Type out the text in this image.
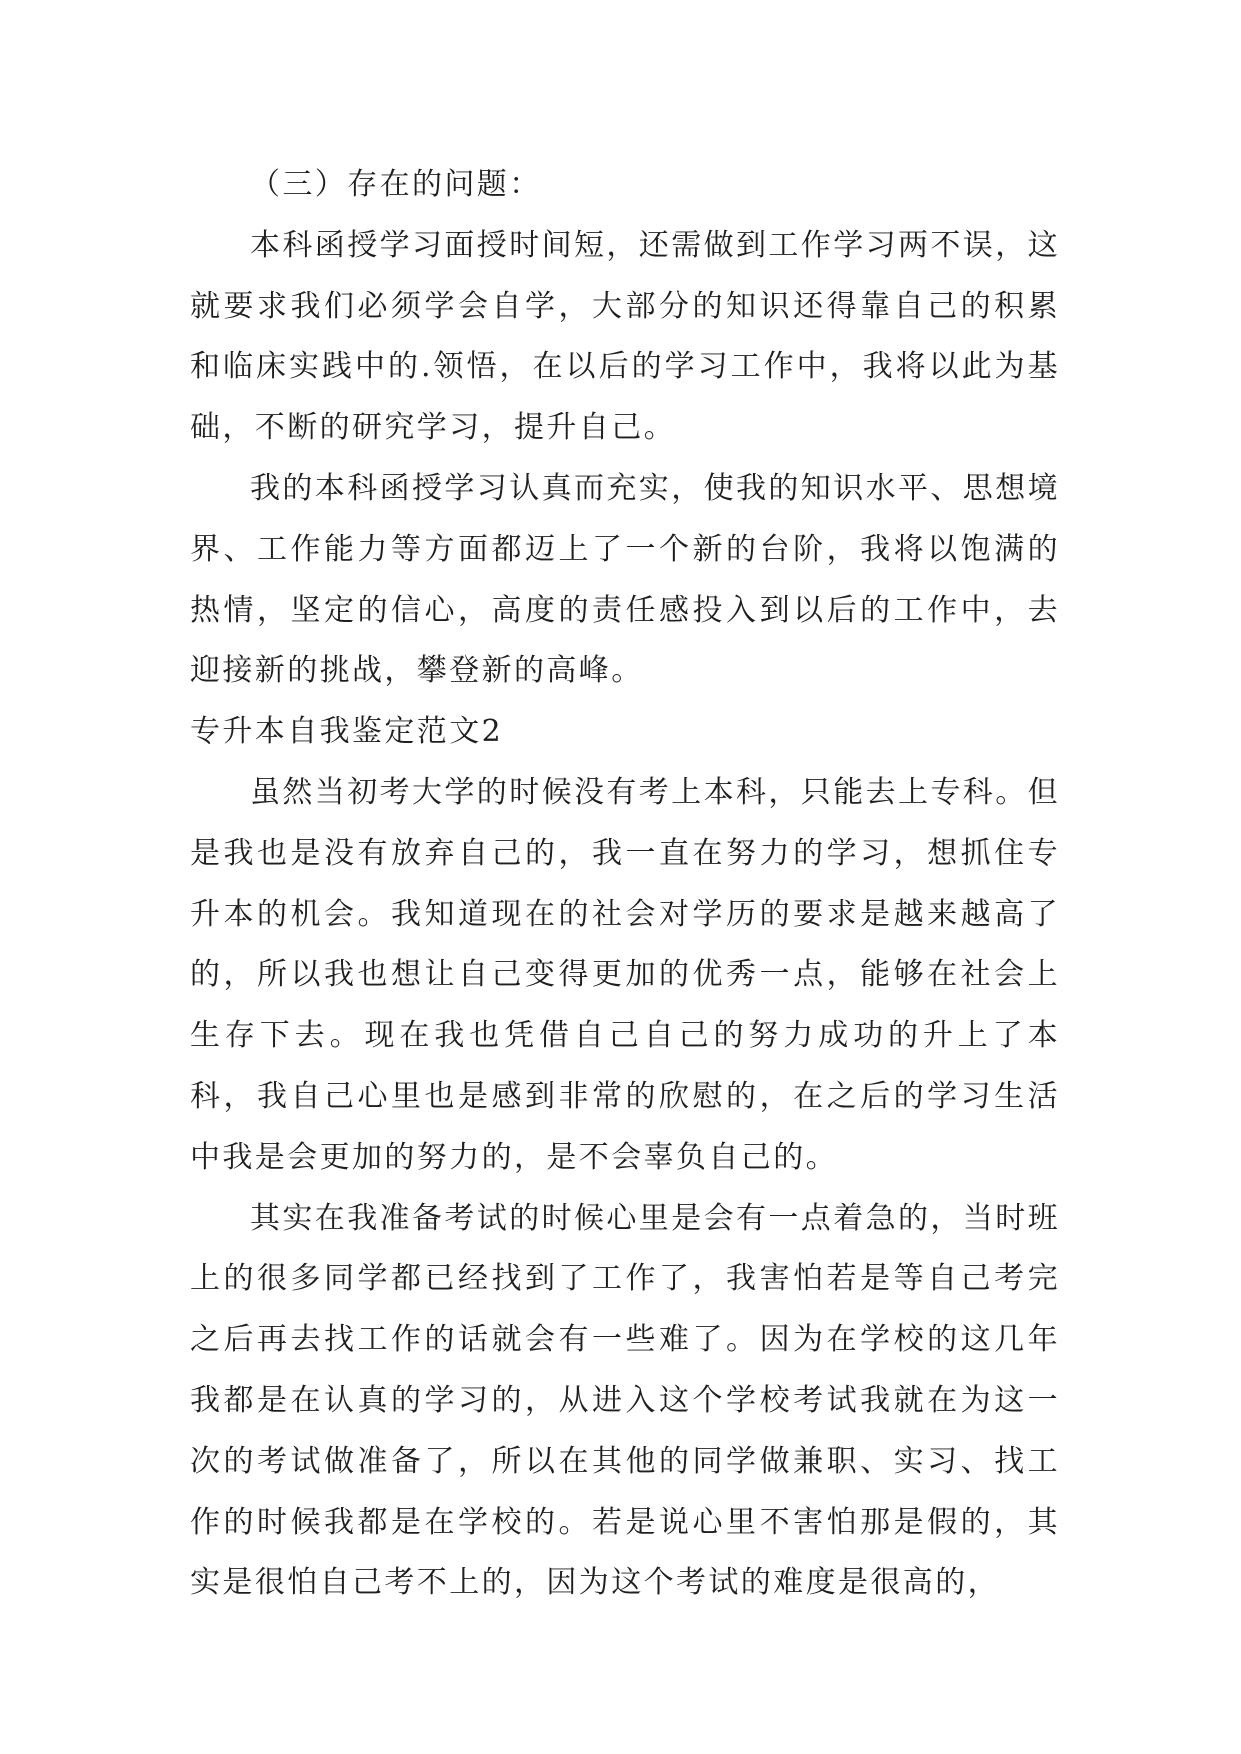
（三）存在的问题：

本科函授学习面授时间短，还需做到工作学习两不误，这就要求我们必须学会自学，大部分的知识还得靠自己的积累和临床实践中的.领悟，在以后的学习工作中，我将以此为基础，不断的研究学习，提升自己。

我的本科函授学习认真而充实，使我的知识水平、思想境界、工作能力等方面都迈上了一个新的台阶，我将以饱满的热情，坚定的信心，高度的责任感投入到以后的工作中，去迎接新的挑战，攀登新的高峰。

专升本自我鉴定范文2

虽然当初考大学的时候没有考上本科，只能去上专科。但是我也是没有放弃自己的，我一直在努力的学习，想抓住专升本的机会。我知道现在的社会对学历的要求是越来越高了的，所以我也想让自己变得更加的优秀一点，能够在社会上生存下去。现在我也凭借自己自己的努力成功的升上了本科，我自己心里也是感到非常的欣慰的，在之后的学习生活中我是会更加的努力的，是不会辜负自己的。

其实在我准备考试的时候心里是会有一点着急的，当时班上的很多同学都已经找到了工作了，我害怕若是等自己考完之后再去找工作的话就会有一些难了。因为在学校的这几年我都是在认真的学习的，从进入这个学校考试我就在为这一次的考试做准备了，所以在其他的同学做兼职、实习、找工作的时候我都是在学校的。若是说心里不害怕那是假的，其实是很怕自己考不上的，因为这个考试的难度是很高的，
